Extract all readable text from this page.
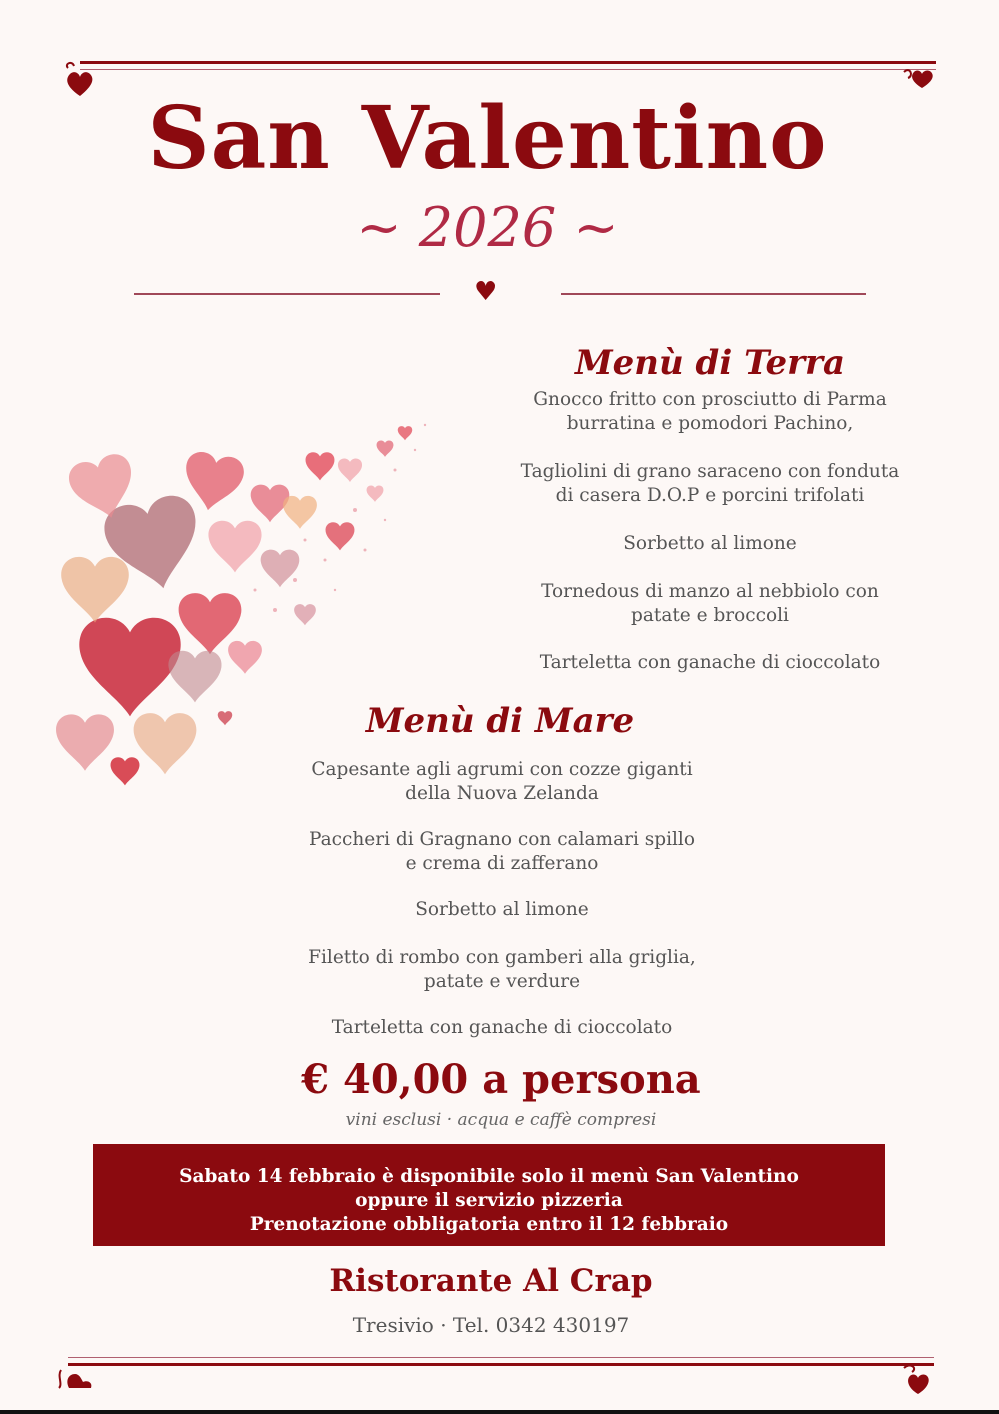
San Valentino
~ 2026 ~
♥
Menù di Terra
Gnocco fritto con prosciutto di Parma
burratina e pomodori Pachino,
Tagliolini di grano saraceno con fonduta
di casera D.O.P e porcini trifolati
Sorbetto al limone
Tornedous di manzo al nebbiolo con
patate e broccoli
Tarteletta con ganache di cioccolato
Menù di Mare
Capesante agli agrumi con cozze giganti
della Nuova Zelanda
Paccheri di Gragnano con calamari spillo
e crema di zafferano
Sorbetto al limone
Filetto di rombo con gamberi alla griglia,
patate e verdure
Tarteletta con ganache di cioccolato
€ 40,00 a persona
vini esclusi · acqua e caffè compresi
Sabato 14 febbraio è disponibile solo il menù San Valentino
oppure il servizio pizzeria
Prenotazione obbligatoria entro il 12 febbraio
Ristorante Al Crap
Tresivio · Tel. 0342 430197
